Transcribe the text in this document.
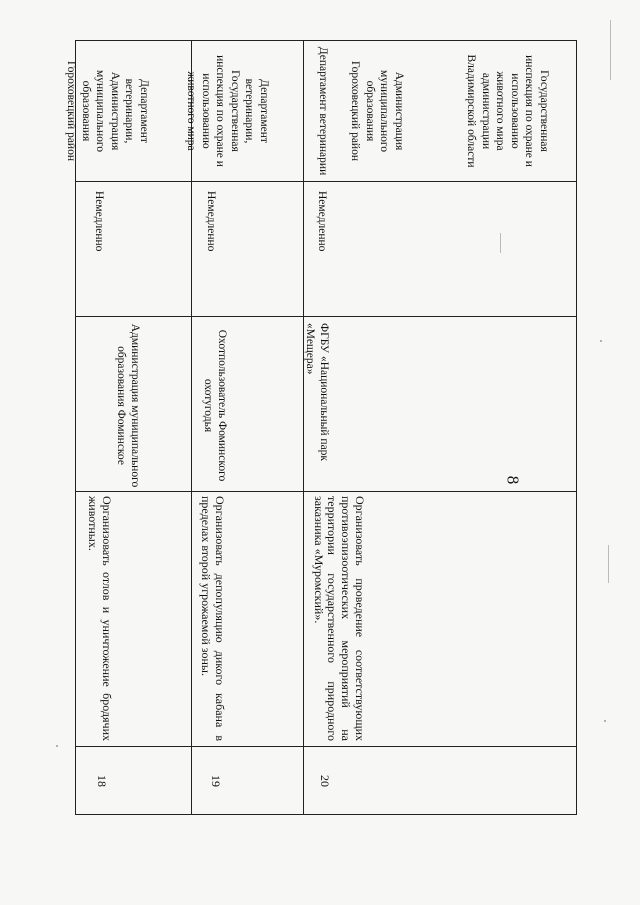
8
18
Организовать отлов и уничтожение бродячих животных.
Администрация муниципального образования Фоминское
Немедленно
Департамент ветеринарии, Администрация муниципального образования Гороховецкий район
19
Организовать депопуляцию дикого кабана в пределах второй угрожаемой зоны.
Охотпользователь Фоминского охотугодья
Немедленно
Департамент ветеринарии, Государственная инспекция по охране и использованию животного мира
20
Организовать проведение соответствующих противоэпизоотических мероприятий на территории государственного природного заказника «Муромский».
ФГБУ «Национальный парк «Мещера»
Немедленно
Департамент ветеринарии	Администрация муниципального образования Гороховецкий район	Государственная инспекция по охране и использованию животного мира администрации Владимирской области
